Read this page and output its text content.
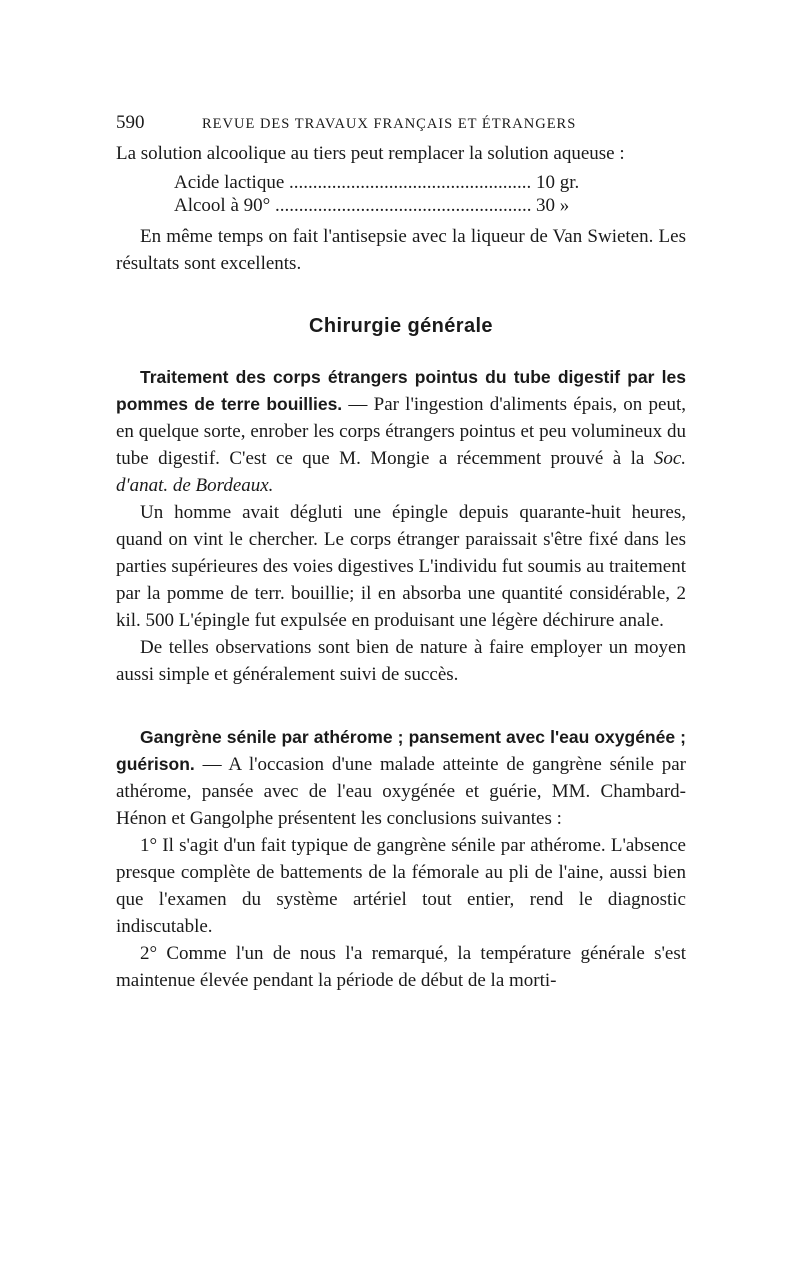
590	REVUE DES TRAVAUX FRANÇAIS ET ÉTRANGERS

La solution alcoolique au tiers peut remplacer la solution aqueuse :

Acide lactique .....	10 gr.
Alcool à 90° .....	30 »

En même temps on fait l'antisepsie avec la liqueur de Van Swieten. Les résultats sont excellents.

Chirurgie générale

Traitement des corps étrangers pointus du tube digestif par les pommes de terre bouillies. — Par l'ingestion d'aliments épais, on peut, en quelque sorte, enrober les corps étrangers pointus et peu volumineux du tube digestif. C'est ce que M. Mongie a récemment prouvé à la Soc. d'anat. de Bordeaux.

Un homme avait dégluti une épingle depuis quarante-huit heures, quand on vint le chercher. Le corps étranger paraissait s'être fixé dans les parties supérieures des voies digestives L'individu fut soumis au traitement par la pomme de terr. bouillie; il en absorba une quantité considérable, 2 kil. 500 L'épingle fut expulsée en produisant une légère déchirure anale.

De telles observations sont bien de nature à faire employer un moyen aussi simple et généralement suivi de succès.

Gangrène sénile par athérome ; pansement avec l'eau oxygénée ; guérison. — A l'occasion d'une malade atteinte de gangrène sénile par athérome, pansée avec de l'eau oxygénée et guérie, MM. Chambard-Hénon et Gangolphe présentent les conclusions suivantes :

1° Il s'agit d'un fait typique de gangrène sénile par athérome. L'absence presque complète de battements de la fémorale au pli de l'aine, aussi bien que l'examen du système artériel tout entier, rend le diagnostic indiscutable.

2° Comme l'un de nous l'a remarqué, la température générale s'est maintenue élevée pendant la période de début de la morti-
